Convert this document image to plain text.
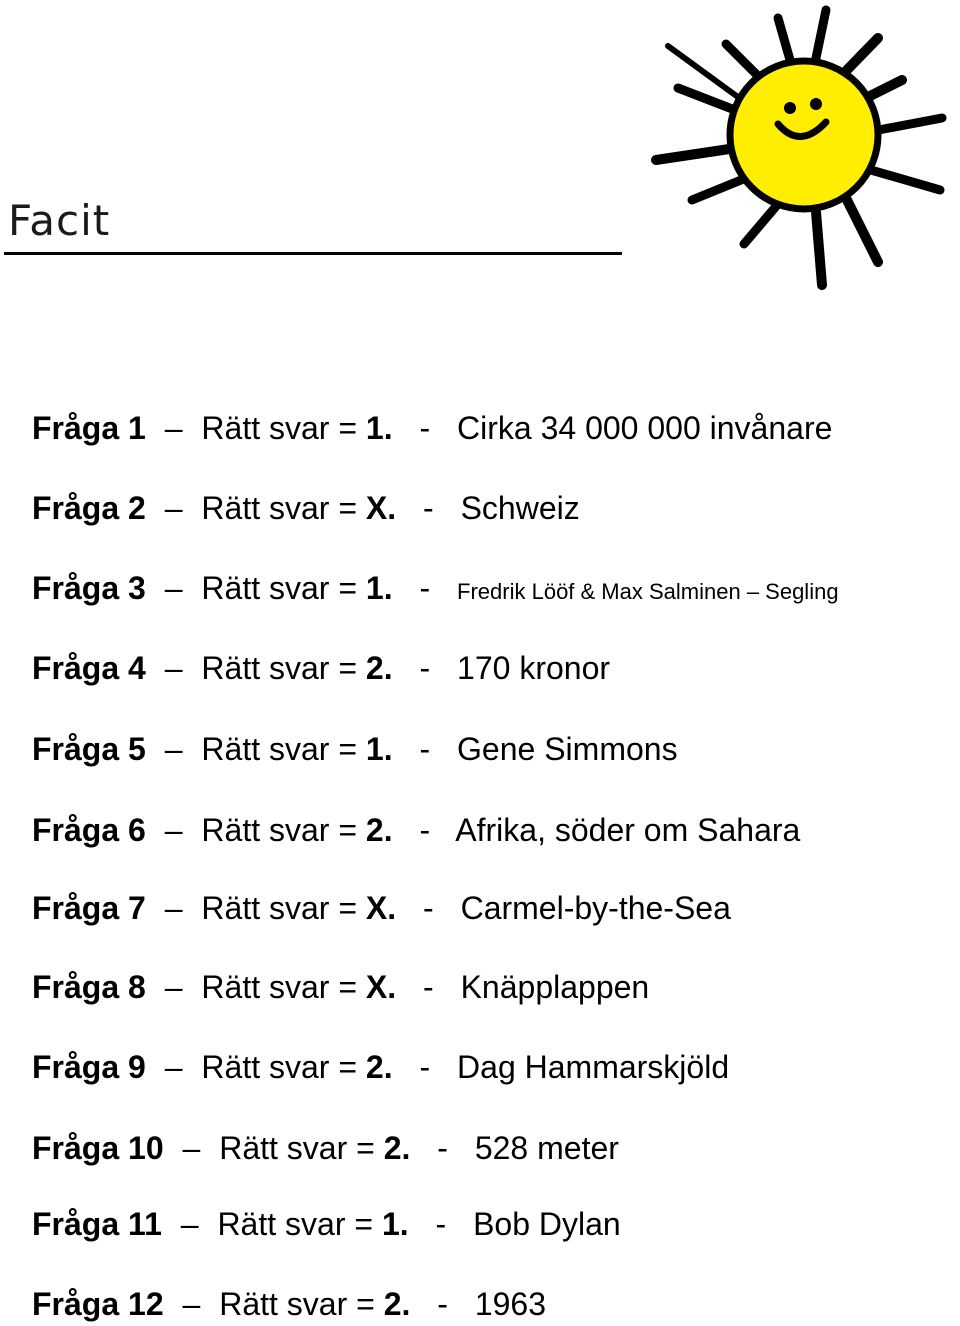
Facit
Fråga 1 – Rätt svar = 1. - Cirka 34 000 000 invånare
Fråga 2 – Rätt svar = X. - Schweiz
Fråga 3 – Rätt svar = 1. - Fredrik Lööf & Max Salminen – Segling
Fråga 4 – Rätt svar = 2. - 170 kronor
Fråga 5 – Rätt svar = 1. - Gene Simmons
Fråga 6 – Rätt svar = 2. - Afrika, söder om Sahara
Fråga 7 – Rätt svar = X. - Carmel-by-the-Sea
Fråga 8 – Rätt svar = X. - Knäpplappen
Fråga 9 – Rätt svar = 2. - Dag Hammarskjöld
Fråga 10 – Rätt svar = 2. - 528 meter
Fråga 11 – Rätt svar = 1. - Bob Dylan
Fråga 12 – Rätt svar = 2. - 1963
